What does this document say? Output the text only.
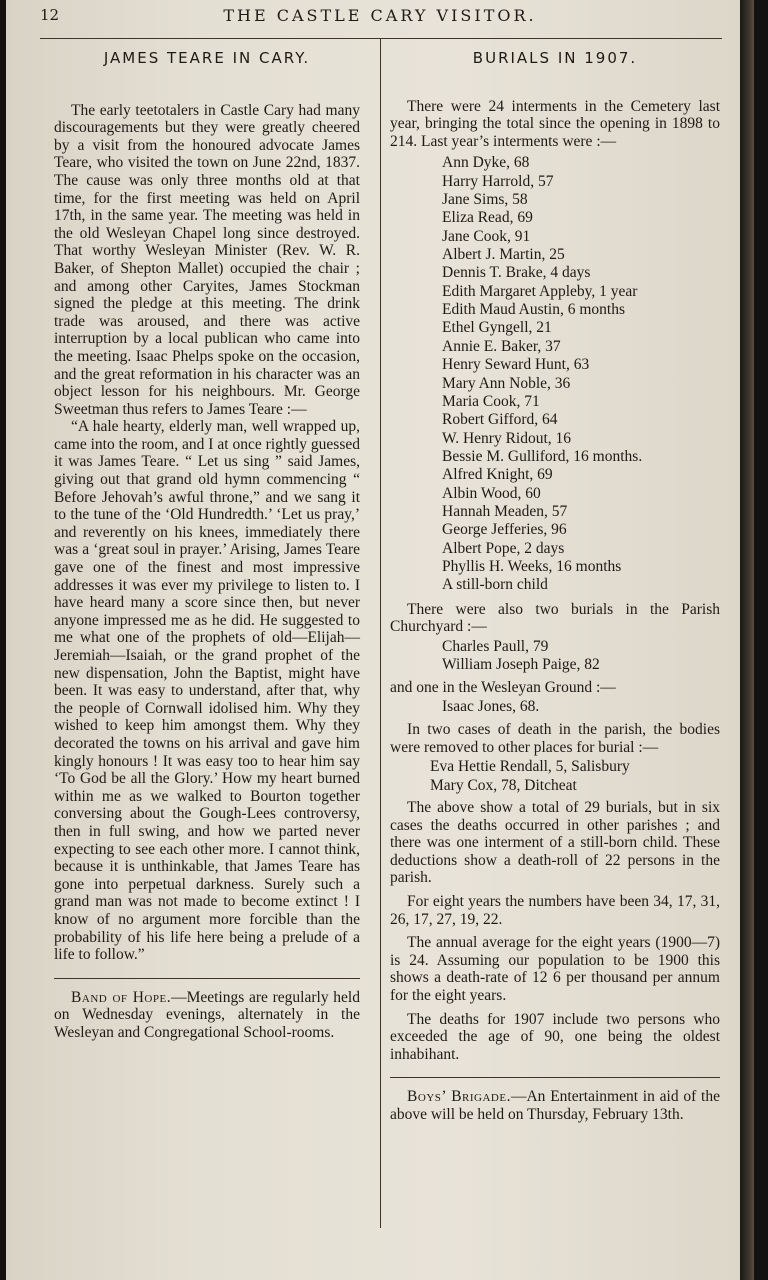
12	THE CASTLE CARY VISITOR.
JAMES TEARE IN CARY.

The early teetotalers in Castle Cary had many discouragements but they were greatly cheered by a visit from the honoured advocate James Teare, who visited the town on June 22nd, 1837. The cause was only three months old at that time, for the first meeting was held on April 17th, in the same year. The meeting was held in the old Wesleyan Chapel long since destroyed. That worthy Wesleyan Minister (Rev. W. R. Baker, of Shepton Mallet) occupied the chair ; and among other Caryites, James Stockman signed the pledge at this meeting. The drink trade was aroused, and there was active interruption by a local publican who came into the meeting. Isaac Phelps spoke on the occasion, and the great reformation in his character was an object lesson for his neighbours. Mr. George Sweetman thus refers to James Teare :—

“A hale hearty, elderly man, well wrapped up, came into the room, and I at once rightly guessed it was James Teare. “ Let us sing ” said James, giving out that grand old hymn commencing “ Before Jehovah’s awful throne,” and we sang it to the tune of the ‘Old Hundredth.’ ‘Let us pray,’ and reverently on his knees, immediately there was a ‘great soul in prayer.’ Arising, James Teare gave one of the finest and most impressive addresses it was ever my privilege to listen to. I have heard many a score since then, but never anyone impressed me as he did. He suggested to me what one of the prophets of old—Elijah—Jeremiah—Isaiah, or the grand prophet of the new dispensation, John the Baptist, might have been. It was easy to understand, after that, why the people of Cornwall idolised him. Why they wished to keep him amongst them. Why they decorated the towns on his arrival and gave him kingly honours ! It was easy too to hear him say ‘To God be all the Glory.’ How my heart burned within me as we walked to Bourton together conversing about the Gough-Lees controversy, then in full swing, and how we parted never expecting to see each other more. I cannot think, because it is unthinkable, that James Teare has gone into perpetual darkness. Surely such a grand man was not made to become extinct ! I know of no argument more forcible than the probability of his life here being a prelude of a life to follow.”

Band of Hope.—Meetings are regularly held on Wednesday evenings, alternately in the Wesleyan and Congregational School-rooms.

BURIALS IN 1907.

There were 24 interments in the Cemetery last year, bringing the total since the opening in 1898 to 214. Last year’s interments were :—

Ann Dyke, 68
Harry Harrold, 57
Jane Sims, 58
Eliza Read, 69
Jane Cook, 91
Albert J. Martin, 25
Dennis T. Brake, 4 days
Edith Margaret Appleby, 1 year
Edith Maud Austin, 6 months
Ethel Gyngell, 21
Annie E. Baker, 37
Henry Seward Hunt, 63
Mary Ann Noble, 36
Maria Cook, 71
Robert Gifford, 64
W. Henry Ridout, 16
Bessie M. Gulliford, 16 months.
Alfred Knight, 69
Albin Wood, 60
Hannah Meaden, 57
George Jefferies, 96
Albert Pope, 2 days
Phyllis H. Weeks, 16 months
A still-born child

There were also two burials in the Parish Churchyard :—

Charles Paull, 79
William Joseph Paige, 82

and one in the Wesleyan Ground :—

Isaac Jones, 68.

In two cases of death in the parish, the bodies were removed to other places for burial :—

Eva Hettie Rendall, 5, Salisbury
Mary Cox, 78, Ditcheat

The above show a total of 29 burials, but in six cases the deaths occurred in other parishes ; and there was one interment of a still-born child. These deductions show a death-roll of 22 persons in the parish.

For eight years the numbers have been 34, 17, 31, 26, 17, 27, 19, 22.

The annual average for the eight years (1900—7) is 24. Assuming our population to be 1900 this shows a death-rate of 12 6 per thousand per annum for the eight years.

The deaths for 1907 include two persons who exceeded the age of 90, one being the oldest inhabihant.

Boys’ Brigade.—An Entertainment in aid of the above will be held on Thursday, February 13th.
